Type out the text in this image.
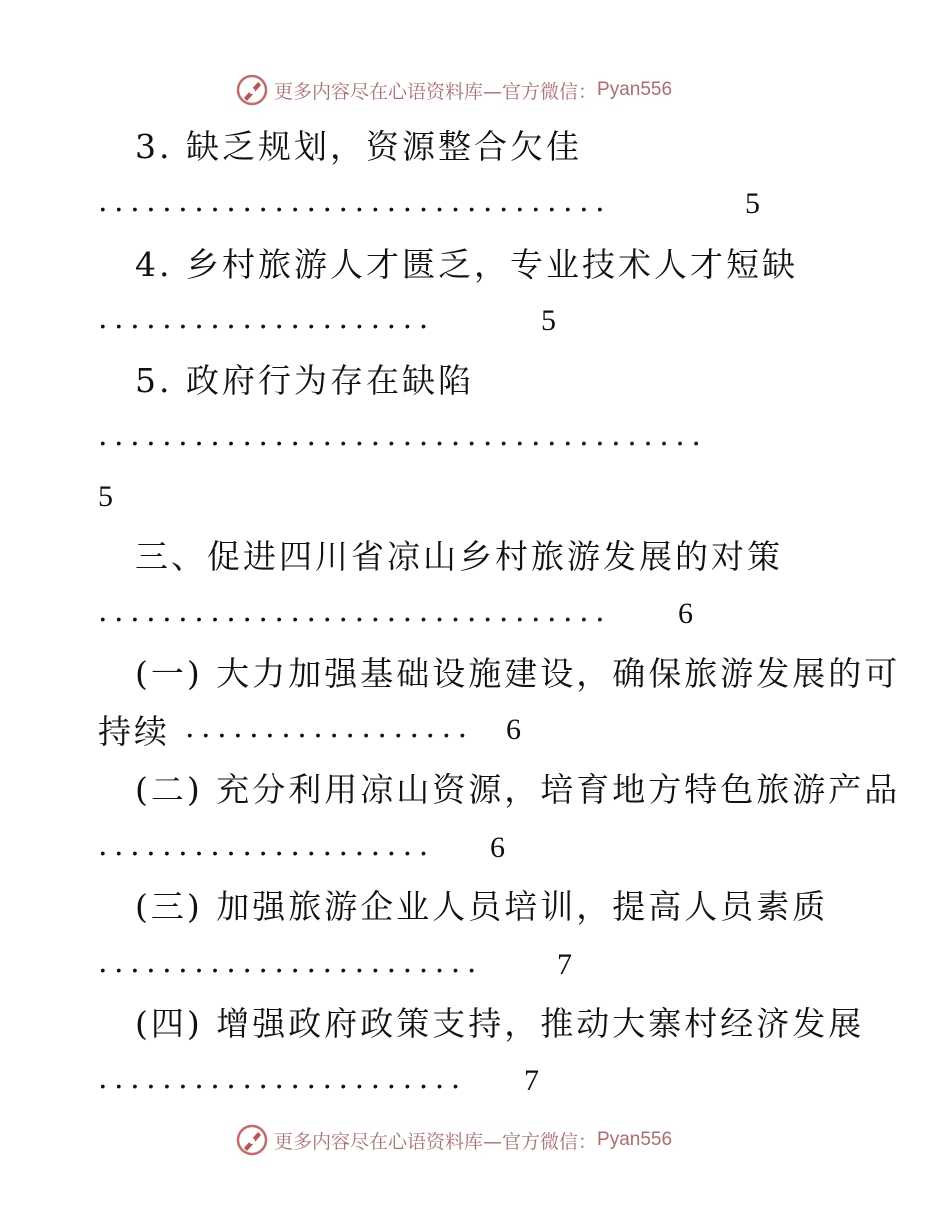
更多内容尽在心语资料库—官方微信： Pyan556
3. 缺乏规划，资源整合欠佳
................................	5
4. 乡村旅游人才匮乏，专业技术人才短缺
.....................	5
5. 政府行为存在缺陷
......................................
5
三、促进四川省凉山乡村旅游发展的对策
................................ 6
(一) 大力加强基础设施建设，确保旅游发展的可
持续 .................. 6
(二) 充分利用凉山资源，培育地方特色旅游产品
..................... 6
(三) 加强旅游企业人员培训，提高人员素质
........................ 7
(四) 增强政府政策支持，推动大寨村经济发展
....................... 7
更多内容尽在心语资料库—官方微信： Pyan556
